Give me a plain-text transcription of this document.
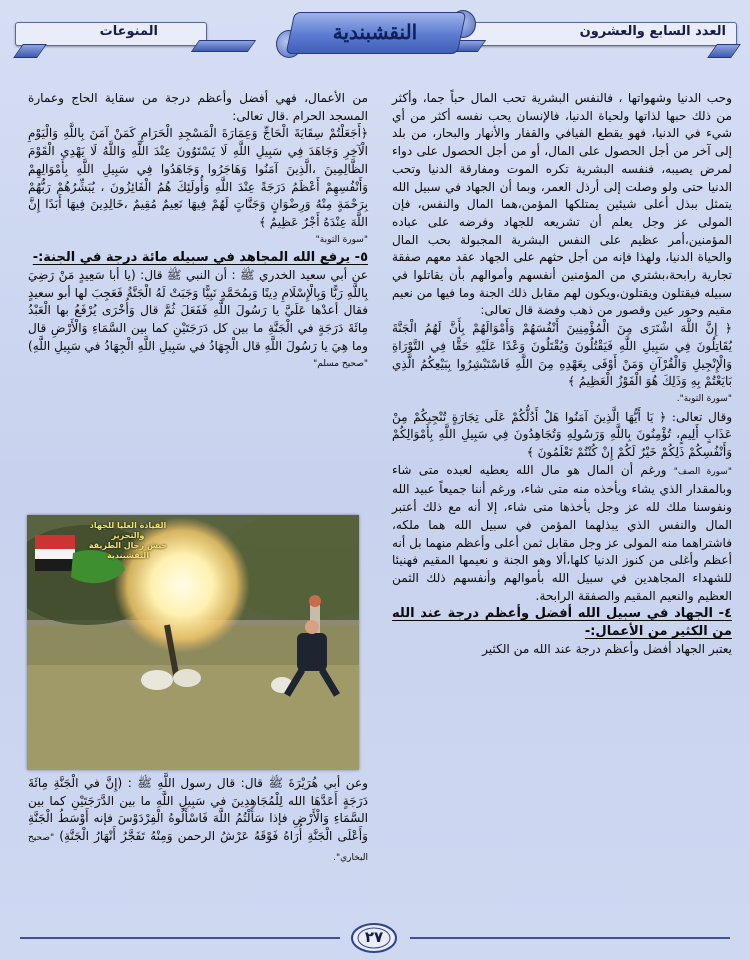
العدد السابع والعشرون
المنوعات	النقشبندية

وحب الدنيا وشهواتها ، فالنفس البشرية تحب المال حباً جما، وأكثر من ذلك حبها لذاتها ولحياة الدنيا، فالإنسان يحب نفسه أكثر من أي شيء في الدنيا، فهو يقطع الفيافي والقفار والأنهار والبحار، من بلد إلى آخر من أجل الحصول على المال، أو من أجل الحصول على دواء لمرض يصيبه، فنفسه البشرية تكره الموت ومفارقة الدنيا وتحب الدنيا حتى ولو وصلت إلى أرذل العمر، وبما أن الجهاد في سبيل الله يتمثل ببذل أعلى شيئين يمتلكها المؤمن،هما المال والنفس، فإن المولى عز وجل يعلم أن تشريعه للجهاد وفرضه على عباده المؤمنين،أمر عظيم على النفس البشرية المجبولة بحب المال والحياة الدنيا، ولهذا فإنه من أجل حثهم على الجهاد عقد معهم صفقة تجارية رابحة،بشتري من المؤمنين أنفسهم وأموالهم بأن يقاتلوا في سبيله فيقتلون ويقتلون،ويكون لهم مقابل ذلك الجنة وما فيها من نعيم مقيم وحور عين وقصور من ذهب وفضة قال تعالى:

﴿ إِنَّ اللَّهَ اشْتَرَى مِنَ الْمُؤْمِنِينَ أَنْفُسَهُمْ وَأَمْوَالَهُمْ بِأَنَّ لَهُمُ الْجَنَّةَ يُقَاتِلُونَ فِي سَبِيلِ اللَّهِ فَيَقْتُلُونَ وَيُقْتَلُونَ وَعْدًا عَلَيْهِ حَقًّا فِي التَّوْرَاةِ وَالْإِنْجِيلِ وَالْقُرْآنِ وَمَنْ أَوْفَى بِعَهْدِهِ مِنَ اللَّهِ فَاسْتَبْشِرُوا بِبَيْعِكُمُ الَّذِي بَايَعْتُمْ بِهِ وَذَلِكَ هُوَ الْفَوْزُ الْعَظِيمُ ﴾

"سورة التوبة".

وقال تعالى: ﴿ يَا أَيُّهَا الَّذِينَ آمَنُوا هَلْ أَدُلُّكُمْ عَلَى تِجَارَةٍ تُنْجِيكُمْ مِنْ عَذَابٍ أَلِيمٍ، تُؤْمِنُونَ بِاللَّهِ وَرَسُولِهِ وَتُجَاهِدُونَ فِي سَبِيلِ اللَّهِ بِأَمْوَالِكُمْ وَأَنْفُسِكُمْ ذَلِكُمْ خَيْرٌ لَكُمْ إِنْ كُنْتُمْ تَعْلَمُونَ ﴾

"سورة الصف" ورغم أن المال هو مال الله يعطيه لعبده متى شاء وبالمقدار الذي يشاء ويأخذه منه متى شاء، ورغم أننا جميعاً عبيد الله ونفوسنا ملك لله عز وجل يأخذها متى شاء، إلا أنه مع ذلك أعتبر المال والنفس الذي يبذلهما المؤمن في سبيل الله هما ملكه، فاشتراهما منه المولى عز وجل مقابل ثمن أعلى وأعظم منهما بل أنه أعظم وأغلى من كنوز الدنيا كلها،ألا وهو الجنة و نعيمها المقيم فهنيئا للشهداء المجاهدين في سبيل الله بأموالهم وأنفسهم ذلك الثمن العظيم والنعيم المقيم والصفقة الرابحة.

٤- الجهاد في سبيل الله أفضل وأعظم درجة عند الله من الكثير من الأعمال:-

يعتبر الجهاد أفضل وأعظم درجة عند الله من الكثير

من الأعمال، فهي أفضل وأعظم درجة من سقاية الحاج وعمارة المسجد الحرام .قال تعالى:

﴿أَجَعَلْتُمْ سِقَايَةَ الْحَاجِّ وَعِمَارَةَ الْمَسْجِدِ الْحَرَامِ كَمَنْ آمَنَ بِاللَّهِ وَالْيَوْمِ الْآخِرِ وَجَاهَدَ فِي سَبِيلِ اللَّهِ لَا يَسْتَوُونَ عِنْدَ اللَّهِ وَاللَّهُ لَا يَهْدِي الْقَوْمَ الظَّالِمِينَ ،الَّذِينَ آمَنُوا وَهَاجَرُوا وَجَاهَدُوا فِي سَبِيلِ اللَّهِ بِأَمْوَالِهِمْ وَأَنْفُسِهِمْ أَعْظَمُ دَرَجَةً عِنْدَ اللَّهِ وَأُولَئِكَ هُمُ الْفَائِزُونَ ، يُبَشِّرُهُمْ رَبُّهُمْ بِرَحْمَةٍ مِنْهُ وَرِضْوَانٍ وَجَنَّاتٍ لَهُمْ فِيهَا نَعِيمٌ مُقِيمٌ ،خَالِدِينَ فِيهَا أَبَدًا إِنَّ اللَّهَ عِنْدَهُ أَجْرٌ عَظِيمٌ ﴾

"سورة التوبة"

٥- يرفع الله المجاهد في سبيله مائة درجة في الجنة:-

عن أبي سعيد الخدري ﷺ : أن النبي ﷺ قال: (يا أبا سَعِيدٍ مَنْ رَضِيَ بِاللَّهِ رَبًّا وَبِالْإِسْلَامِ دِينًا وَبِمُحَمَّدٍ نَبِيًّا وَجَبَتْ لَهُ الْجَنَّةُ فَعَجِبَ لها أبو سعيدٍ فقال أعدْها عَلَيَّ يا رَسُولَ اللَّهِ فَفَعَلَ ثُمَّ قال وَأُخْرَى يُرْفَعُ بها الْعَبْدُ مِائَةَ دَرَجَةٍ في الْجَنَّةِ ما بين كل دَرَجَتَيْنِ كما بين السَّمَاءِ وَالْأَرْضِ قال وما هِيَ يا رَسُولَ اللَّهِ قال الْجِهَادُ في سَبِيلِ اللَّهِ الْجِهَادُ في سَبِيلِ اللَّهِ)

"صحيح مسلم"

القيادة العليا للجهاد والتحرير
جيش رجال الطريقة النقشبندية

وعن أبي هُرَيْرَةَ ﷺ قال: قال رسول اللَّهِ ﷺ : (إِنَّ في الْجَنَّةِ مِائَةَ دَرَجَةٍ أَعَدَّهَا الله لِلْمُجَاهِدِينَ في سَبِيلِ اللَّهِ ما بين الدَّرَجَتَيْنِ كما بين السَّمَاءِ وَالْأَرْضِ فإذا سَأَلْتُمُ اللَّهَ فَاسْأَلُوهُ الْفِرْدَوْسَ فإنه أَوْسَطُ الْجَنَّةِ وَأَعْلَى الْجَنَّةِ أُرَاهُ فَوْقَهُ عَرْشُ الرحمن وَمِنْهُ تَفَجَّرُ أَنْهَارُ الْجَنَّةِ) "صحيح البخاري".

٢٧
